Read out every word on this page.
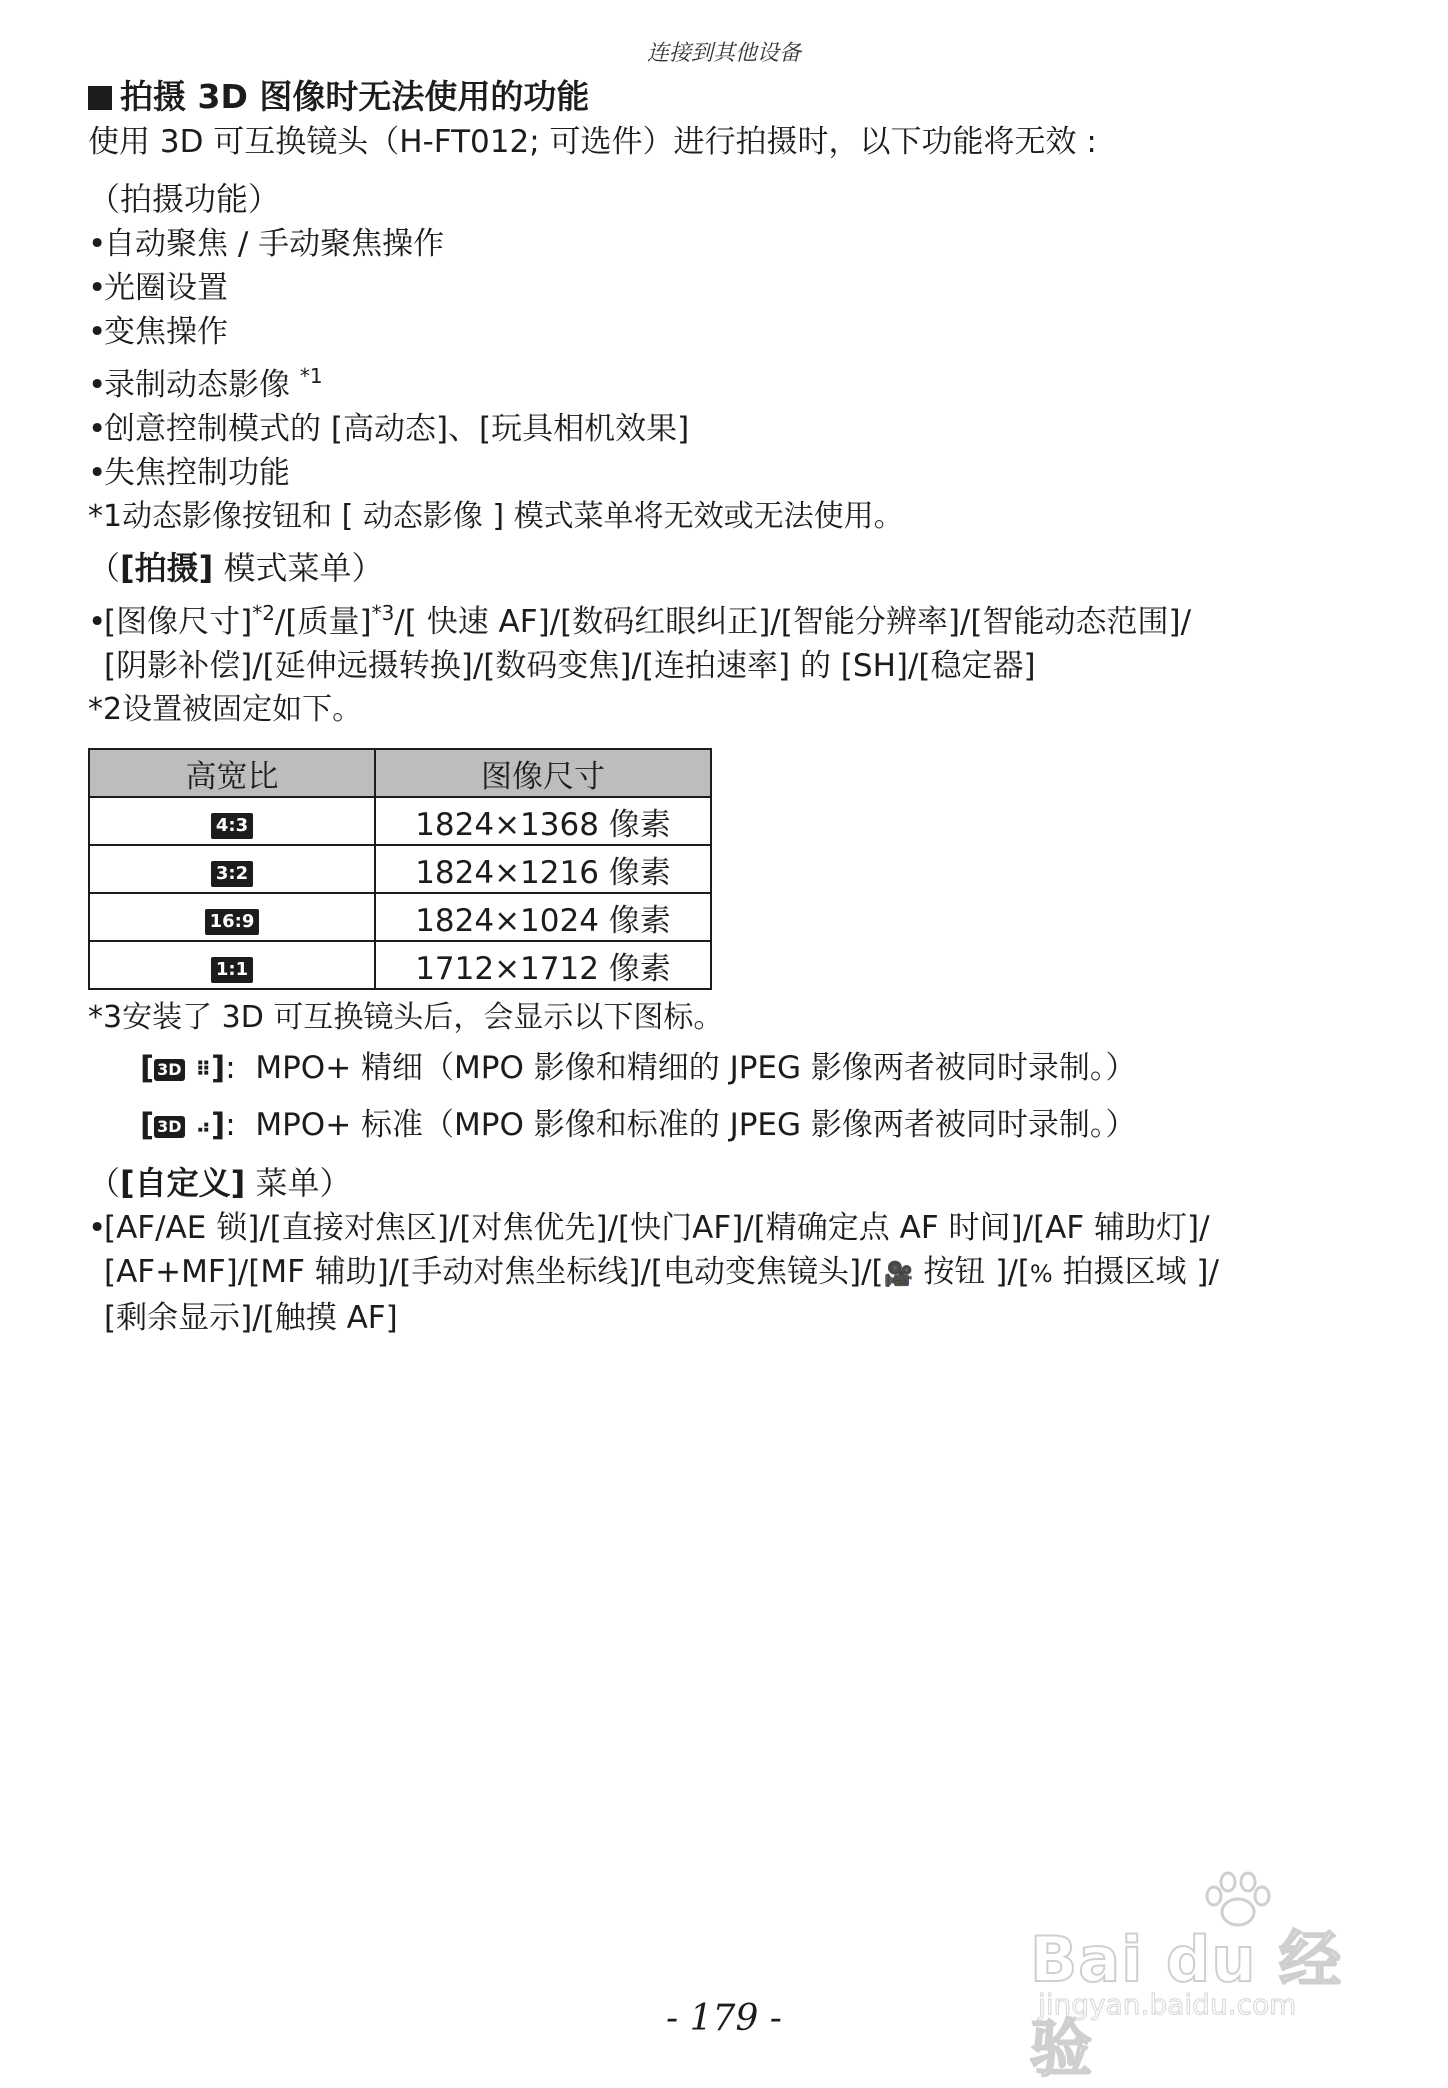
连接到其他设备
拍摄 3D 图像时无法使用的功能
使用 3D 可互换镜头（H-FT012; 可选件）进行拍摄时，以下功能将无效 :
（拍摄功能）
•自动聚焦 / 手动聚焦操作
•光圈设置
•变焦操作
•录制动态影像 $^{*1}$
•创意控制模式的 [高动态]、[玩具相机效果]
•失焦控制功能
*1动态影像按钮和 [ 动态影像 ] 模式菜单将无效或无法使用。
（[拍摄] 模式菜单）
•[图像尺寸]$^{*2}$/[质量]$^{*3}$/[ 快速 AF]/[数码红眼纠正]/[智能分辨率]/[智能动态范围]/
[阴影补偿]/[延伸远摄转换]/[数码变焦]/[连拍速率] 的 [SH]/[稳定器]
*2设置被固定如下。
高宽比	图像尺寸
4:3	1824×1368 像素
3:2	1824×1216 像素
16:9	1824×1024 像素
1:1	1712×1712 像素
*3安装了 3D 可互换镜头后，会显示以下图标。
[ 3D ⠿]: MPO+ 精细（MPO 影像和精细的 JPEG 影像两者被同时录制。）
[ 3D ⠴]: MPO+ 标准（MPO 影像和标准的 JPEG 影像两者被同时录制。）
（[自定义] 菜单）
•[AF/AE 锁]/[直接对焦区]/[对焦优先]/[快门AF]/[精确定点 AF 时间]/[AF 辅助灯]/
[AF+MF]/[MF 辅助]/[手动对焦坐标线]/[电动变焦镜头]/[🎥 按钮 ]/[% 拍摄区域 ]/
[剩余显示]/[触摸 AF]
Bai du 经验
jingyan.baidu.com
- 179 -
